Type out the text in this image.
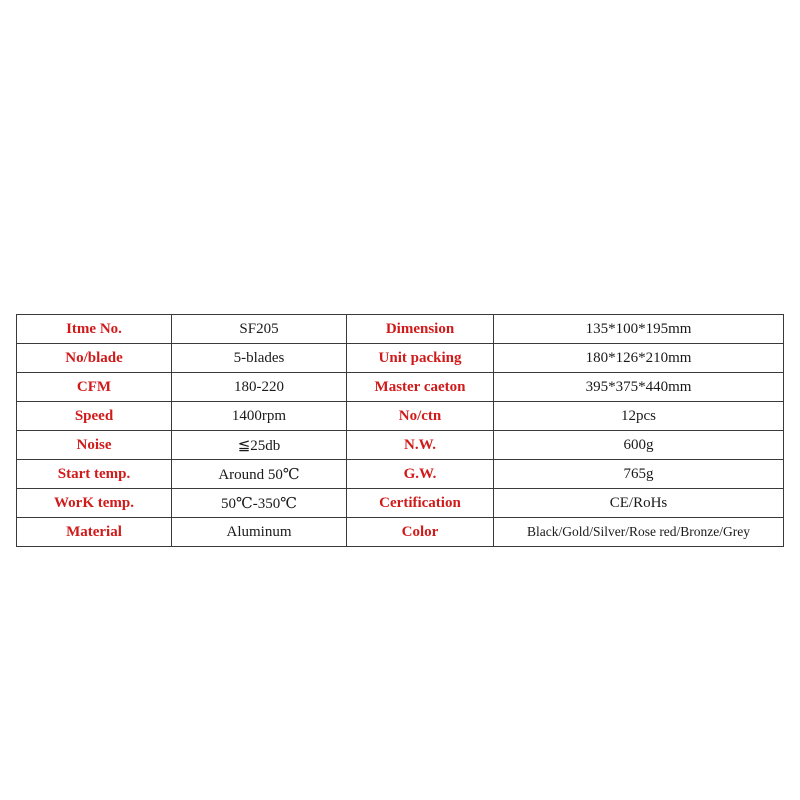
Itme No.	SF205	Dimension	135*100*195mm
No/blade	5-blades	Unit packing	180*126*210mm
CFM	180-220	Master caeton	395*375*440mm
Speed	1400rpm	No/ctn	12pcs
Noise	≦25db	N.W.	600g
Start temp.	Around 50℃	G.W.	765g
WorK temp.	50℃-350℃	Certification	CE/RoHs
Material	Aluminum	Color	Black/Gold/Silver/Rose red/Bronze/Grey
